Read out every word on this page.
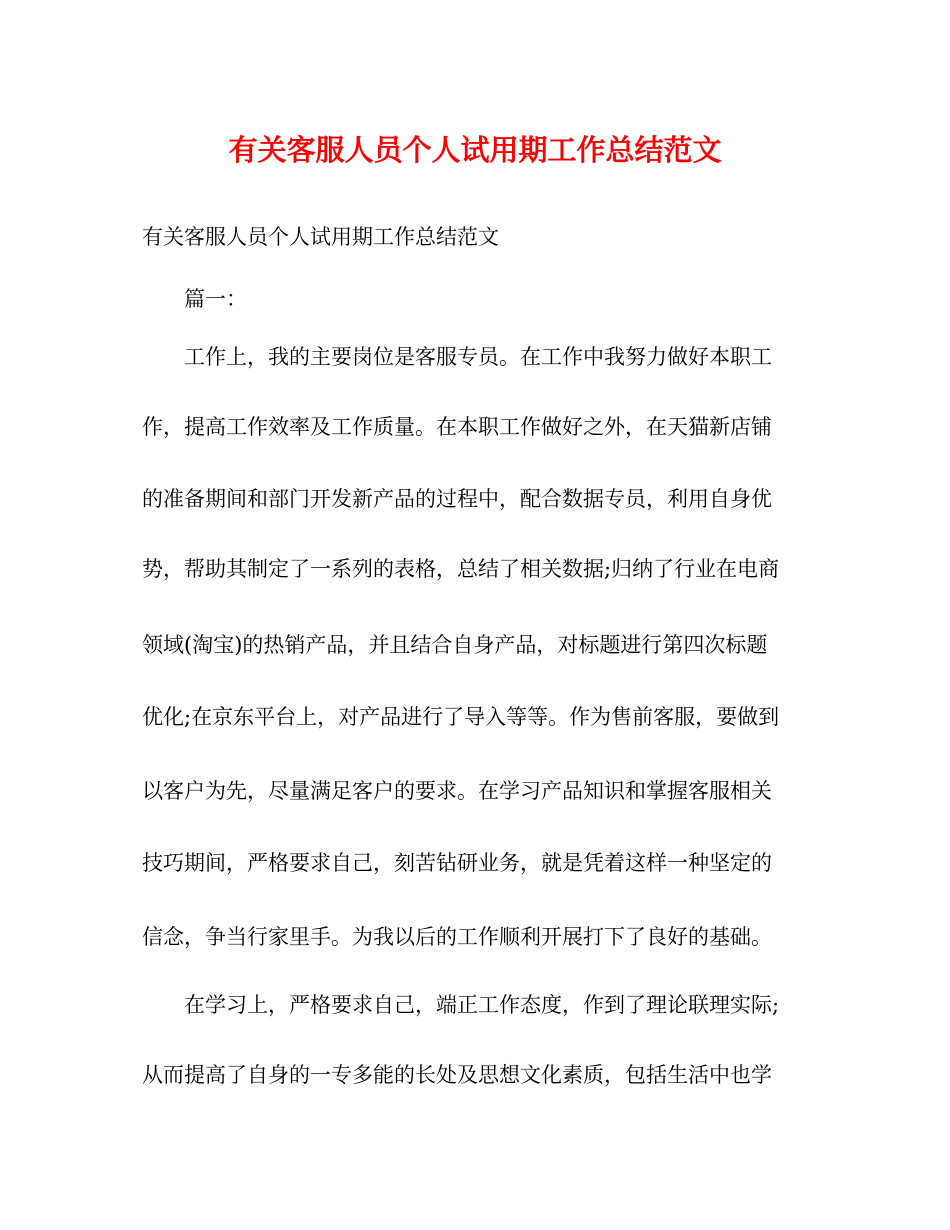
有关客服人员个人试用期工作总结范文

有关客服人员个人试用期工作总结范文

　　篇一：

　　工作上，我的主要岗位是客服专员。在工作中我努力做好本职工

作，提高工作效率及工作质量。在本职工作做好之外，在天猫新店铺

的准备期间和部门开发新产品的过程中，配合数据专员，利用自身优

势，帮助其制定了一系列的表格，总结了相关数据;归纳了行业在电商

领域(淘宝)的热销产品，并且结合自身产品，对标题进行第四次标题

优化;在京东平台上，对产品进行了导入等等。作为售前客服，要做到

以客户为先，尽量满足客户的要求。在学习产品知识和掌握客服相关

技巧期间，严格要求自己，刻苦钻研业务，就是凭着这样一种坚定的

信念，争当行家里手。为我以后的工作顺利开展打下了良好的基础。

　　在学习上，严格要求自己，端正工作态度，作到了理论联理实际;

从而提高了自身的一专多能的长处及思想文化素质，包括生活中也学
